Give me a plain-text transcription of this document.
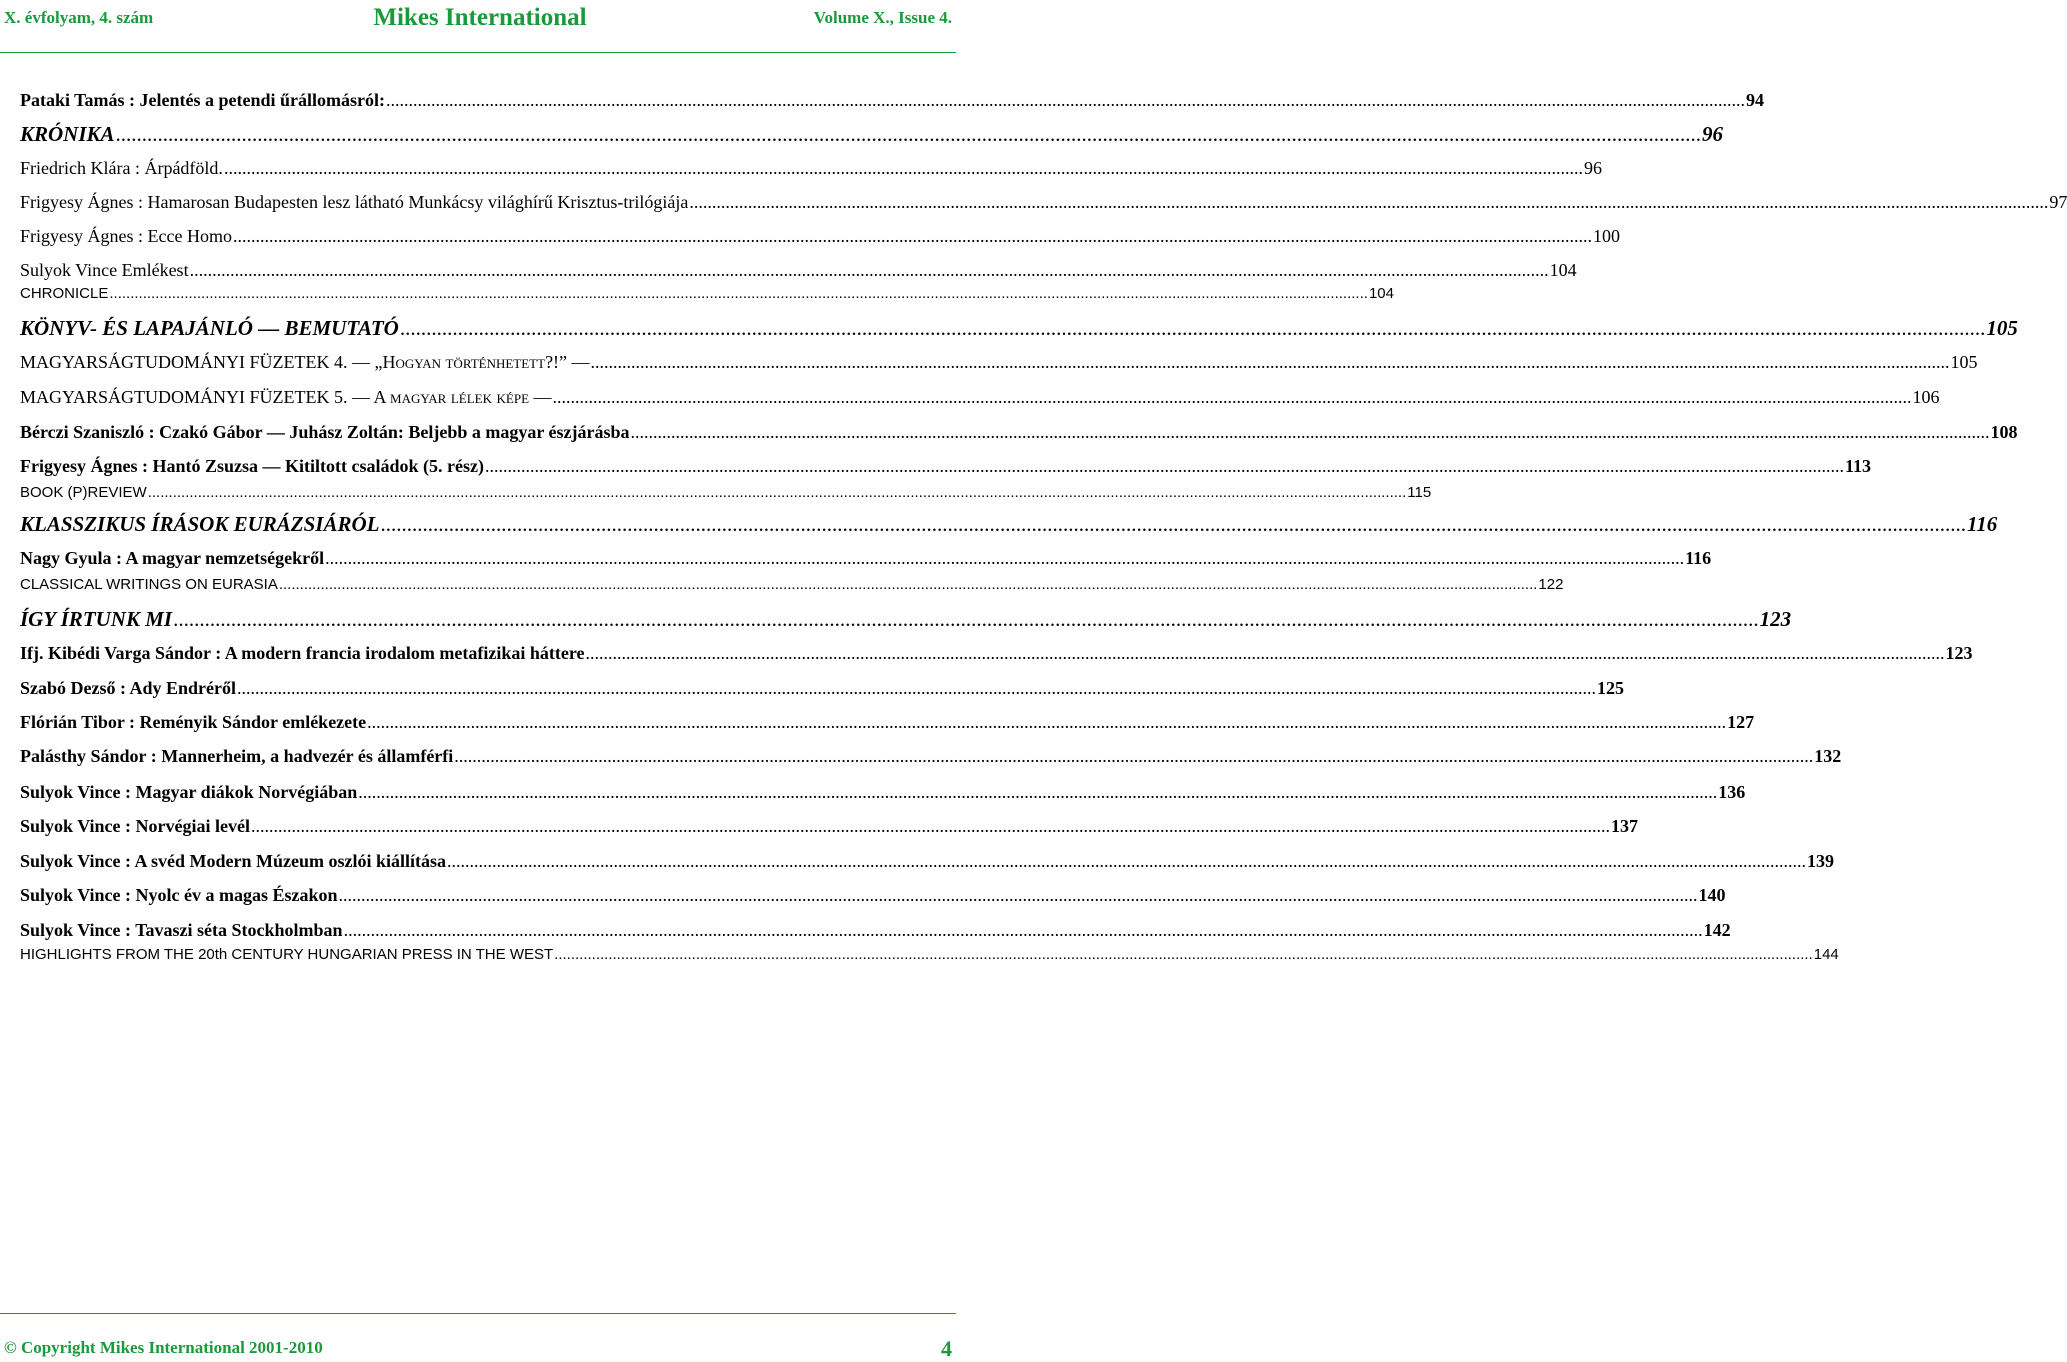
X. évfolyam, 4. szám	Mikes International	Volume X., Issue 4.
Pataki Tamás : Jelentés a petendi űrállomásról: .....	94
KRÓNIKA .....	96
Friedrich Klára : Árpádföld. .....	96
Frigyesy Ágnes : Hamarosan Budapesten lesz látható Munkácsy világhírű Krisztus-trilógiája .....	97
Frigyesy Ágnes : Ecce Homo .....	100
Sulyok Vince Emlékest .....	104
CHRONICLE .....	104
KÖNYV- ÉS LAPAJÁNLÓ — BEMUTATÓ .....	105
MAGYARSÁGTUDOMÁNYI FÜZETEK 4. — „Hogyan történhetett?!” — .....	105
MAGYARSÁGTUDOMÁNYI FÜZETEK 5. — A magyar lélek képe — .....	106
Bérczi Szaniszló : Czakó Gábor — Juhász Zoltán: Beljebb a magyar észjárásba .....	108
Frigyesy Ágnes : Hantó Zsuzsa — Kitiltott családok (5. rész) .....	113
BOOK (P)REVIEW .....	115
KLASSZIKUS ÍRÁSOK EURÁZSIÁRÓL .....	116
Nagy Gyula : A magyar nemzetségekről .....	116
CLASSICAL WRITINGS ON EURASIA .....	122
ÍGY ÍRTUNK MI .....	123
Ifj. Kibédi Varga Sándor : A modern francia irodalom metafizikai háttere .....	123
Szabó Dezső : Ady Endréről .....	125
Flórián Tibor : Reményik Sándor emlékezete .....	127
Palásthy Sándor : Mannerheim, a hadvezér és államférfi .....	132
Sulyok Vince : Magyar diákok Norvégiában .....	136
Sulyok Vince : Norvégiai levél .....	137
Sulyok Vince : A svéd Modern Múzeum oszlói kiállítása .....	139
Sulyok Vince : Nyolc év a magas Északon .....	140
Sulyok Vince : Tavaszi séta Stockholmban .....	142
HIGHLIGHTS FROM THE 20th CENTURY HUNGARIAN PRESS IN THE WEST .....	144
© Copyright Mikes International 2001-2010	4
